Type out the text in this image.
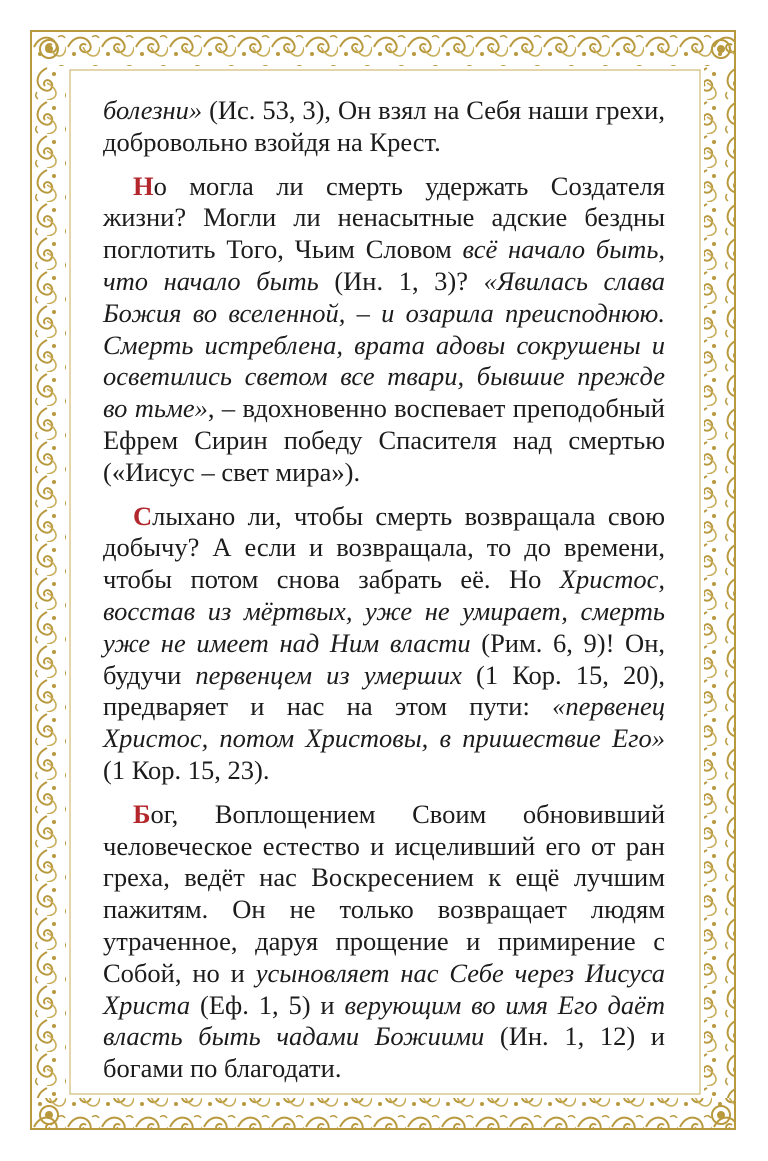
болезни» (Ис. 53, 3), Он взял на Себя наши грехи, добровольно взойдя на Крест.

Но могла ли смерть удержать Создателя жизни? Могли ли ненасытные адские бездны поглотить Того, Чьим Словом всё начало быть, что начало быть (Ин. 1, 3)? «Явилась слава Божия во вселенной, – и озарила преисподнюю. Смерть истреблена, врата адовы сокрушены и осветились светом все твари, бывшие прежде во тьме», – вдохновенно воспевает преподобный Ефрем Сирин победу Спасителя над смертью («Иисус – свет мира»).

Слыхано ли, чтобы смерть возвращала свою добычу? А если и возвращала, то до времени, чтобы потом снова забрать её. Но Христос, восстав из мёртвых, уже не умирает, смерть уже не имеет над Ним власти (Рим. 6, 9)! Он, будучи первенцем из умерших (1 Кор. 15, 20), предваряет и нас на этом пути: «первенец Христос, потом Христовы, в пришествие Его» (1 Кор. 15, 23).

Бог, Воплощением Своим обновивший человеческое естество и исцеливший его от ран греха, ведёт нас Воскресением к ещё лучшим пажитям. Он не только возвращает людям утраченное, даруя прощение и примирение с Собой, но и усыновляет нас Себе через Иисуса Христа (Еф. 1, 5) и верующим во имя Его даёт власть быть чадами Божиими (Ин. 1, 12) и богами по благодати.
